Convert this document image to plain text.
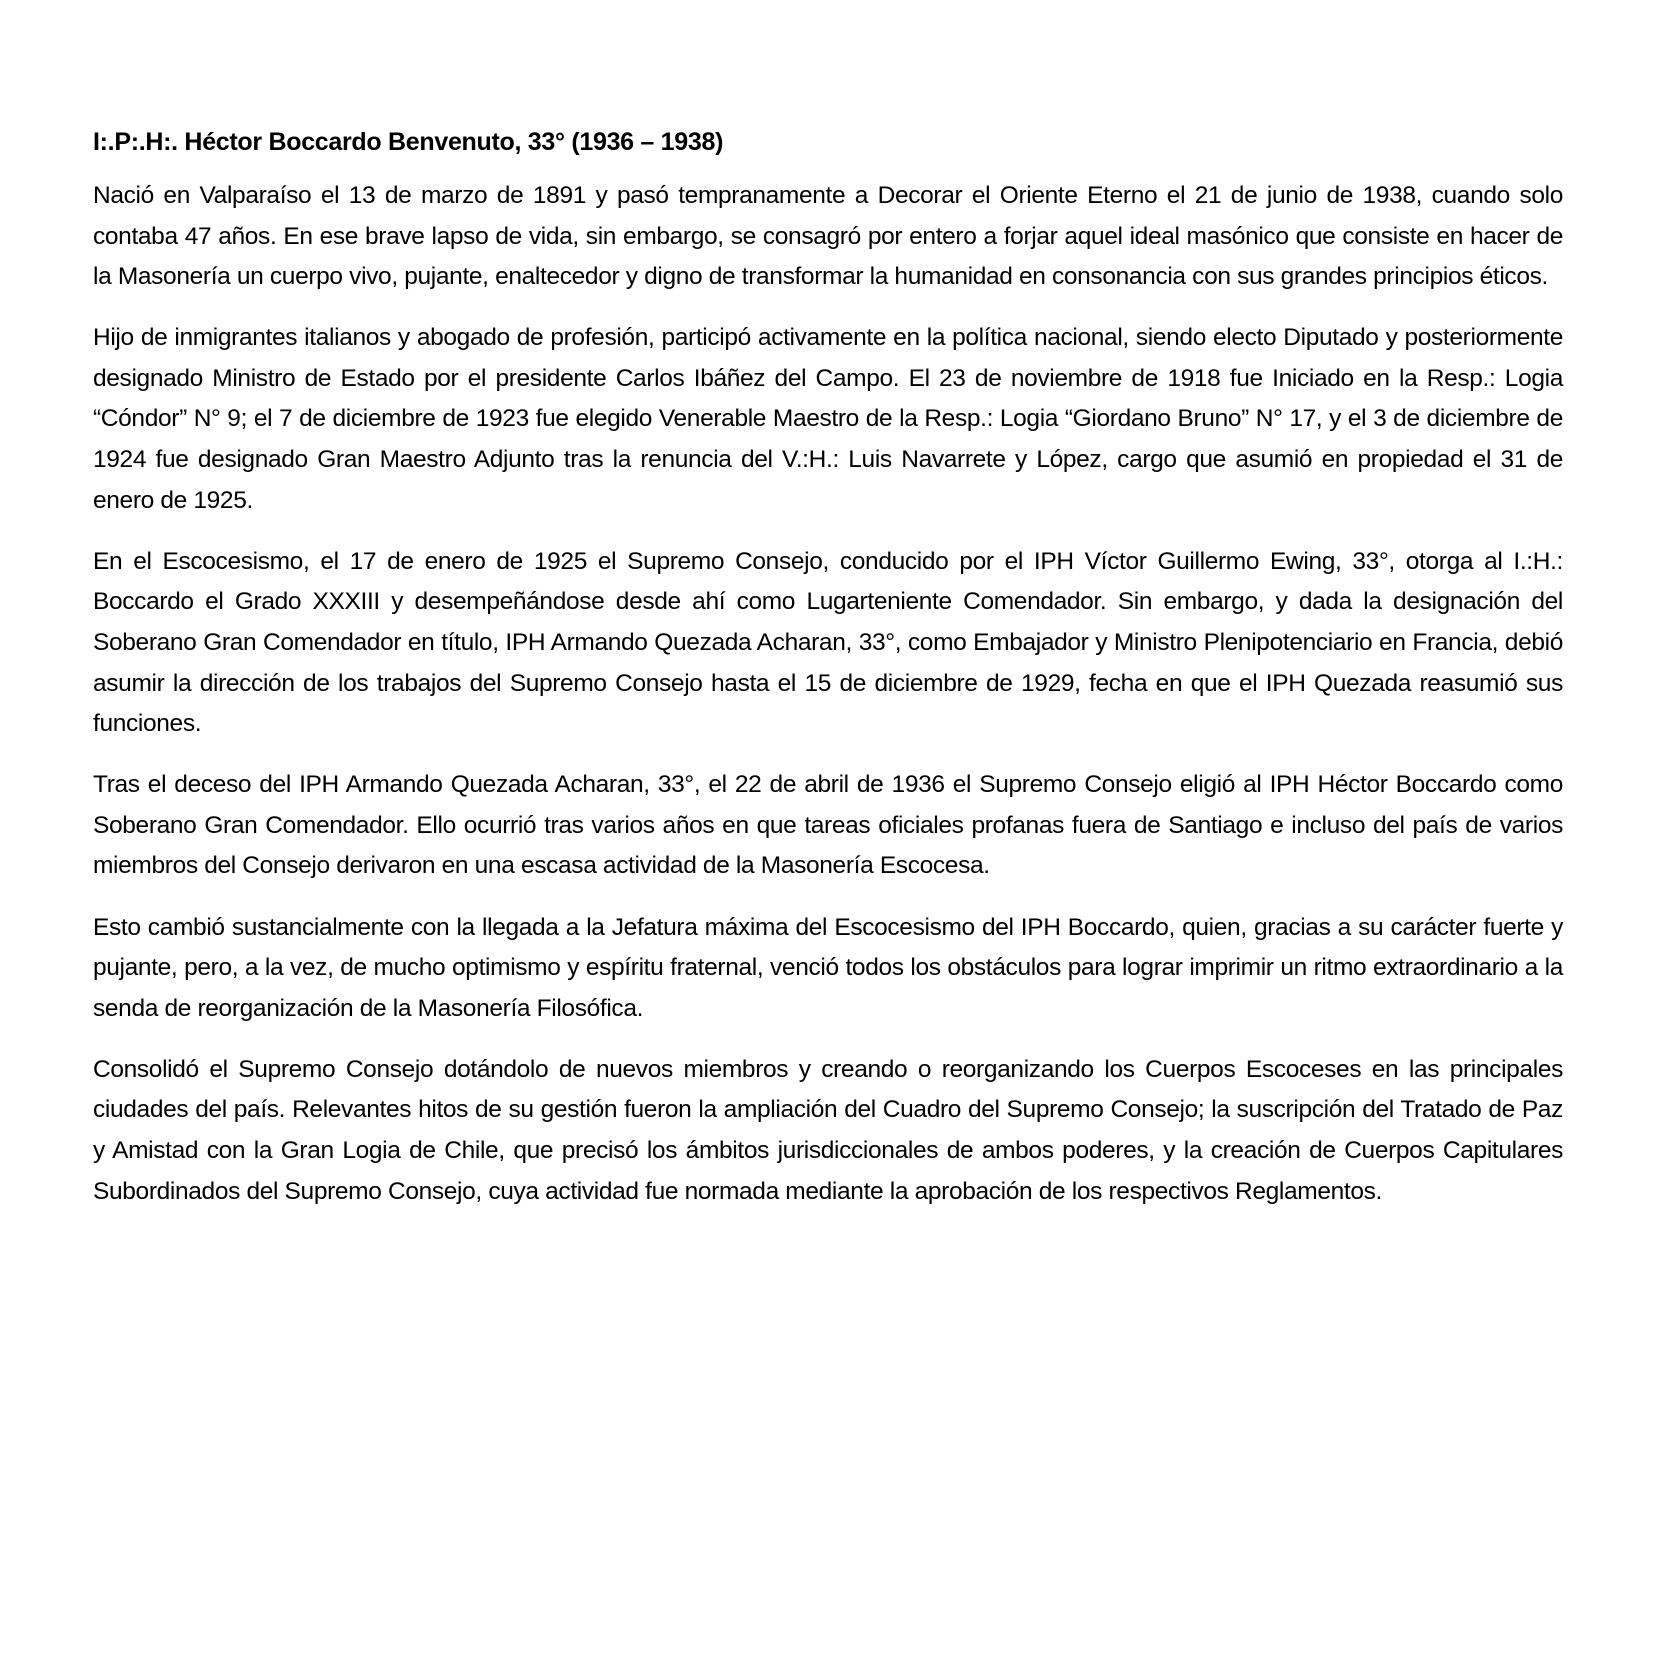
I:.P:.H:. Héctor Boccardo Benvenuto, 33° (1936 – 1938)

Nació en Valparaíso el 13 de marzo de 1891 y pasó tempranamente a Decorar el Oriente Eterno el 21 de junio de 1938, cuando solo contaba 47 años. En ese brave lapso de vida, sin embargo, se consagró por entero a forjar aquel ideal masónico que consiste en hacer de la Masonería un cuerpo vivo, pujante, enaltecedor y digno de transformar la humanidad en consonancia con sus grandes principios éticos.

Hijo de inmigrantes italianos y abogado de profesión, participó activamente en la política nacional, siendo electo Diputado y posteriormente designado Ministro de Estado por el presidente Carlos Ibáñez del Campo. El 23 de noviembre de 1918 fue Iniciado en la Resp.: Logia “Cóndor” N° 9; el 7 de diciembre de 1923 fue elegido Venerable Maestro de la Resp.: Logia “Giordano Bruno” N° 17, y el 3 de diciembre de 1924 fue designado Gran Maestro Adjunto tras la renuncia del V.:H.: Luis Navarrete y López, cargo que asumió en propiedad el 31 de enero de 1925.

En el Escocesismo, el 17 de enero de 1925 el Supremo Consejo, conducido por el IPH Víctor Guillermo Ewing, 33°, otorga al I.:H.: Boccardo el Grado XXXIII y desempeñándose desde ahí como Lugarteniente Comendador. Sin embargo, y dada la designación del Soberano Gran Comendador en título, IPH Armando Quezada Acharan, 33°, como Embajador y Ministro Plenipotenciario en Francia, debió asumir la dirección de los trabajos del Supremo Consejo hasta el 15 de diciembre de 1929, fecha en que el IPH Quezada reasumió sus funciones.

Tras el deceso del IPH Armando Quezada Acharan, 33°, el 22 de abril de 1936 el Supremo Consejo eligió al IPH Héctor Boccardo como Soberano Gran Comendador. Ello ocurrió tras varios años en que tareas oficiales profanas fuera de Santiago e incluso del país de varios miembros del Consejo derivaron en una escasa actividad de la Masonería Escocesa.

Esto cambió sustancialmente con la llegada a la Jefatura máxima del Escocesismo del IPH Boccardo, quien, gracias a su carácter fuerte y pujante, pero, a la vez, de mucho optimismo y espíritu fraternal, venció todos los obstáculos para lograr imprimir un ritmo extraordinario a la senda de reorganización de la Masonería Filosófica.

Consolidó el Supremo Consejo dotándolo de nuevos miembros y creando o reorganizando los Cuerpos Escoceses en las principales ciudades del país. Relevantes hitos de su gestión fueron la ampliación del Cuadro del Supremo Consejo; la suscripción del Tratado de Paz y Amistad con la Gran Logia de Chile, que precisó los ámbitos jurisdiccionales de ambos poderes, y la creación de Cuerpos Capitulares Subordinados del Supremo Consejo, cuya actividad fue normada mediante la aprobación de los respectivos Reglamentos.
